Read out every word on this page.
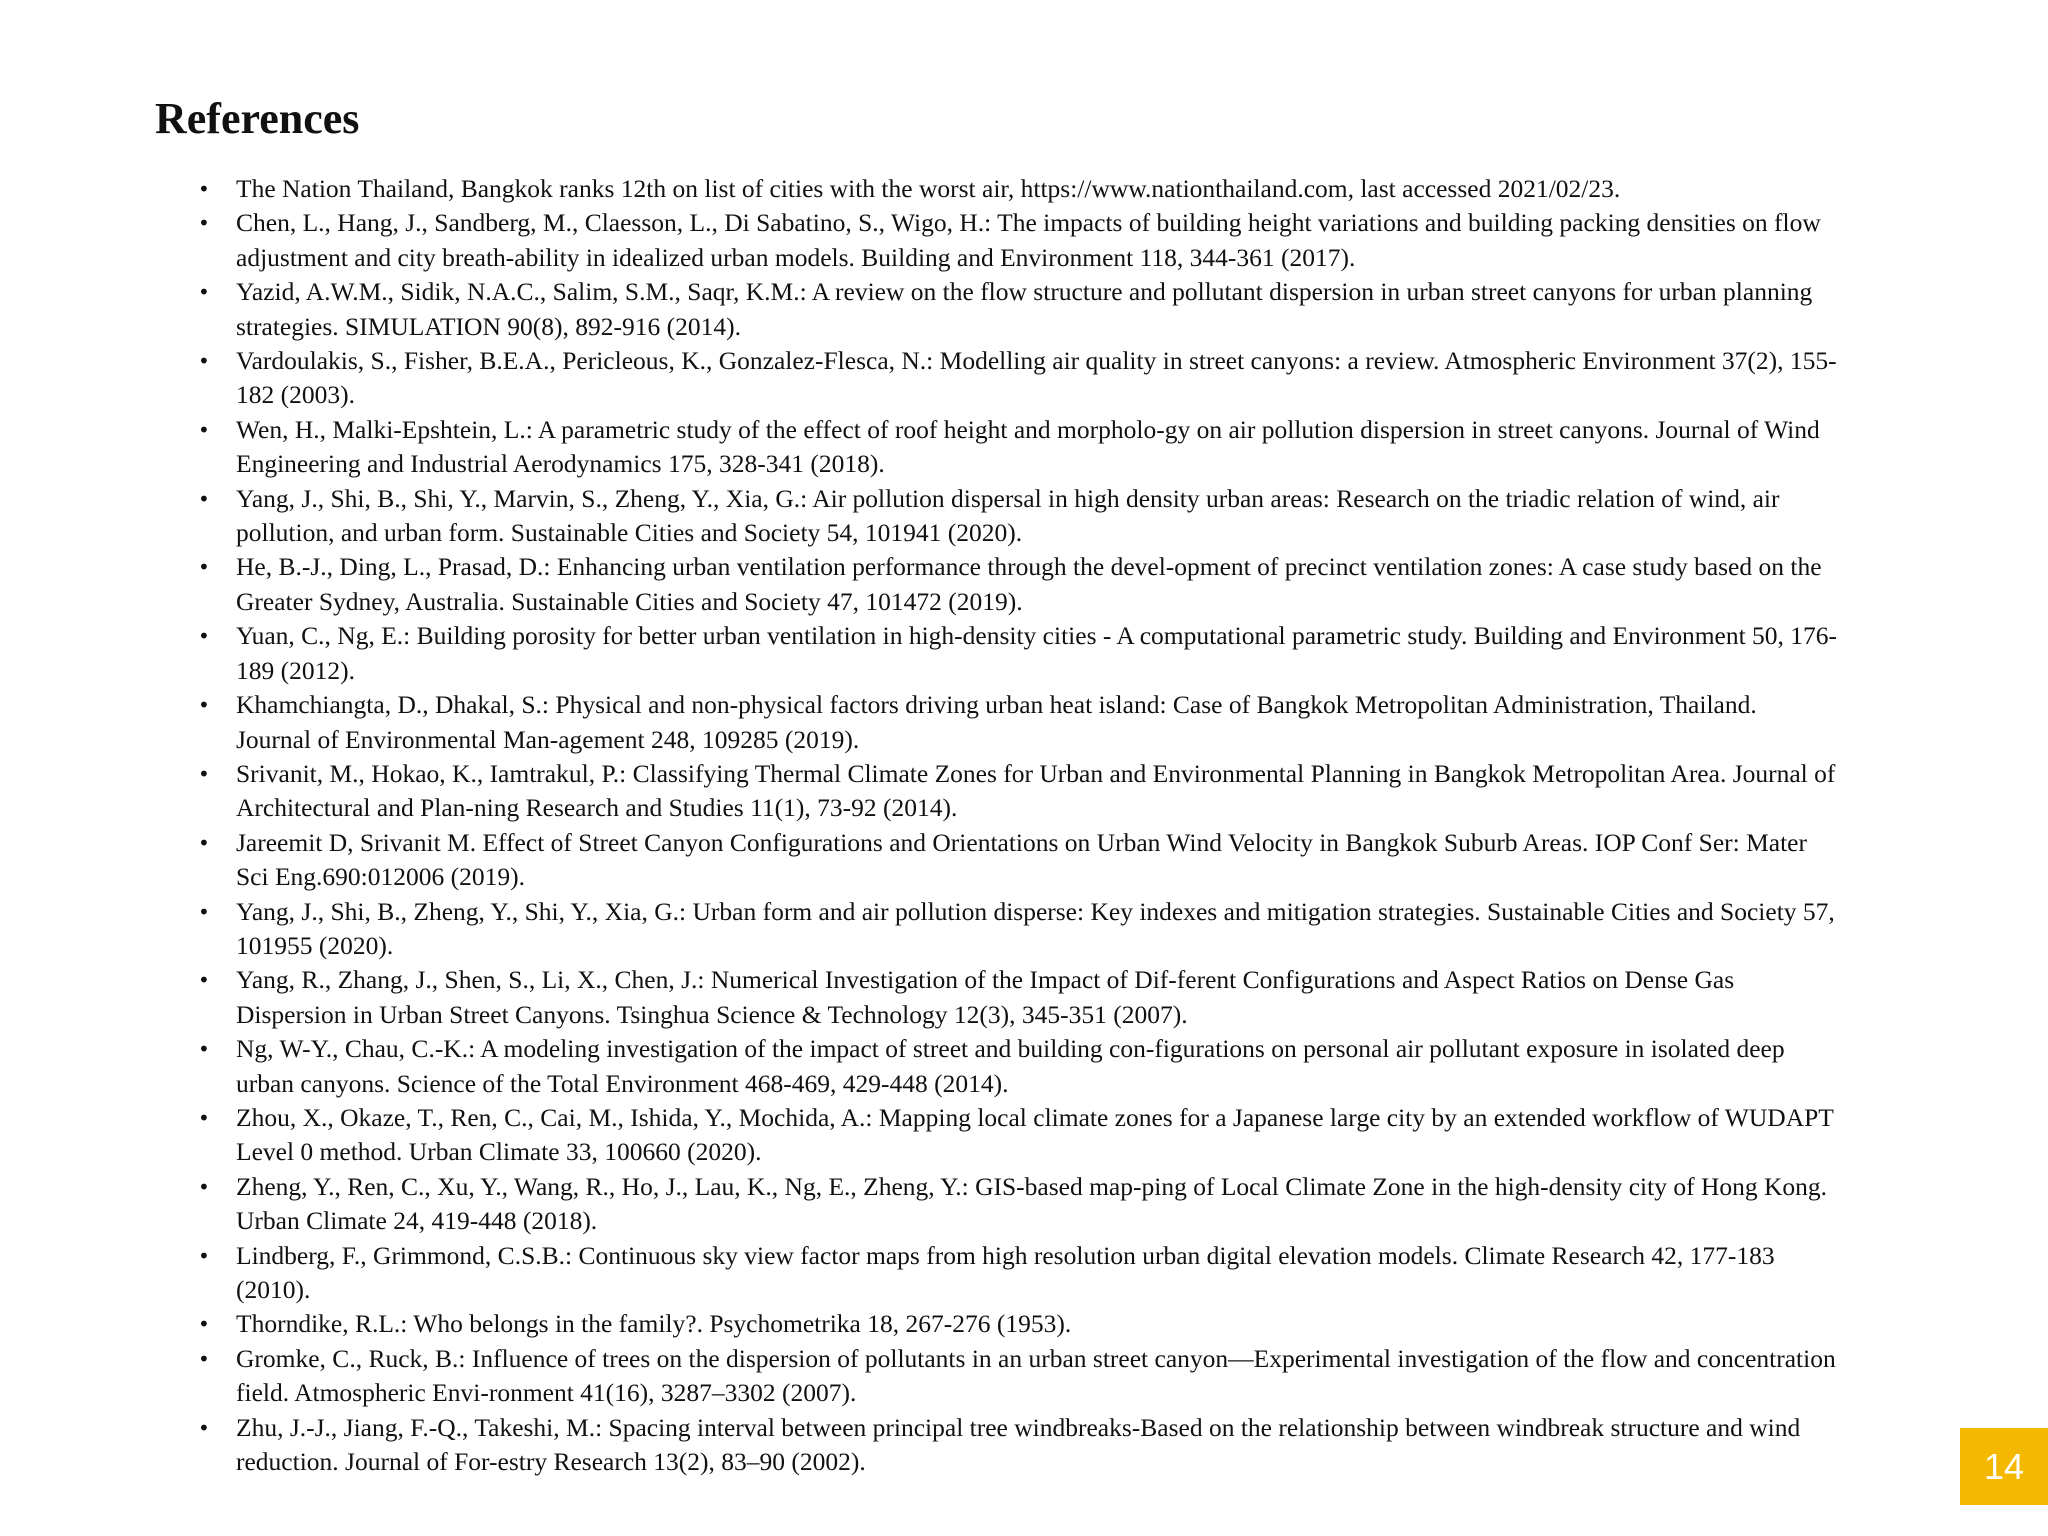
References
• The Nation Thailand, Bangkok ranks 12th on list of cities with the worst air, https://www.nationthailand.com, last accessed 2021/02/23.
• Chen, L., Hang, J., Sandberg, M., Claesson, L., Di Sabatino, S., Wigo, H.: The impacts of building height variations and building packing densities on flow adjustment and city breath-ability in idealized urban models. Building and Environment 118, 344-361 (2017).
• Yazid, A.W.M., Sidik, N.A.C., Salim, S.M., Saqr, K.M.: A review on the flow structure and pollutant dispersion in urban street canyons for urban planning strategies. SIMULATION 90(8), 892-916 (2014).
• Vardoulakis, S., Fisher, B.E.A., Pericleous, K., Gonzalez-Flesca, N.: Modelling air quality in street canyons: a review. Atmospheric Environment 37(2), 155-182 (2003).
• Wen, H., Malki-Epshtein, L.: A parametric study of the effect of roof height and morpholo-gy on air pollution dispersion in street canyons. Journal of Wind Engineering and Industrial Aerodynamics 175, 328-341 (2018).
• Yang, J., Shi, B., Shi, Y., Marvin, S., Zheng, Y., Xia, G.: Air pollution dispersal in high density urban areas: Research on the triadic relation of wind, air pollution, and urban form. Sustainable Cities and Society 54, 101941 (2020).
• He, B.-J., Ding, L., Prasad, D.: Enhancing urban ventilation performance through the devel-opment of precinct ventilation zones: A case study based on the Greater Sydney, Australia. Sustainable Cities and Society 47, 101472 (2019).
• Yuan, C., Ng, E.: Building porosity for better urban ventilation in high-density cities - A computational parametric study. Building and Environment 50, 176-189 (2012).
• Khamchiangta, D., Dhakal, S.: Physical and non-physical factors driving urban heat island: Case of Bangkok Metropolitan Administration, Thailand. Journal of Environmental Man-agement 248, 109285 (2019).
• Srivanit, M., Hokao, K., Iamtrakul, P.: Classifying Thermal Climate Zones for Urban and Environmental Planning in Bangkok Metropolitan Area. Journal of Architectural and Plan-ning Research and Studies 11(1), 73-92 (2014).
• Jareemit D, Srivanit M. Effect of Street Canyon Configurations and Orientations on Urban Wind Velocity in Bangkok Suburb Areas. IOP Conf Ser: Mater Sci Eng.690:012006 (2019).
• Yang, J., Shi, B., Zheng, Y., Shi, Y., Xia, G.: Urban form and air pollution disperse: Key indexes and mitigation strategies. Sustainable Cities and Society 57, 101955 (2020).
• Yang, R., Zhang, J., Shen, S., Li, X., Chen, J.: Numerical Investigation of the Impact of Dif-ferent Configurations and Aspect Ratios on Dense Gas Dispersion in Urban Street Canyons. Tsinghua Science & Technology 12(3), 345-351 (2007).
• Ng, W-Y., Chau, C.-K.: A modeling investigation of the impact of street and building con-figurations on personal air pollutant exposure in isolated deep urban canyons. Science of the Total Environment 468-469, 429-448 (2014).
• Zhou, X., Okaze, T., Ren, C., Cai, M., Ishida, Y., Mochida, A.: Mapping local climate zones for a Japanese large city by an extended workflow of WUDAPT Level 0 method. Urban Climate 33, 100660 (2020).
• Zheng, Y., Ren, C., Xu, Y., Wang, R., Ho, J., Lau, K., Ng, E., Zheng, Y.: GIS-based map-ping of Local Climate Zone in the high-density city of Hong Kong. Urban Climate 24, 419-448 (2018).
• Lindberg, F., Grimmond, C.S.B.: Continuous sky view factor maps from high resolution urban digital elevation models. Climate Research 42, 177-183 (2010).
• Thorndike, R.L.: Who belongs in the family?. Psychometrika 18, 267-276 (1953).
• Gromke, C., Ruck, B.: Influence of trees on the dispersion of pollutants in an urban street canyon—Experimental investigation of the flow and concentration field. Atmospheric Envi-ronment 41(16), 3287–3302 (2007).
• Zhu, J.-J., Jiang, F.-Q., Takeshi, M.: Spacing interval between principal tree windbreaks-Based on the relationship between windbreak structure and wind reduction. Journal of For-estry Research 13(2), 83–90 (2002).	14
